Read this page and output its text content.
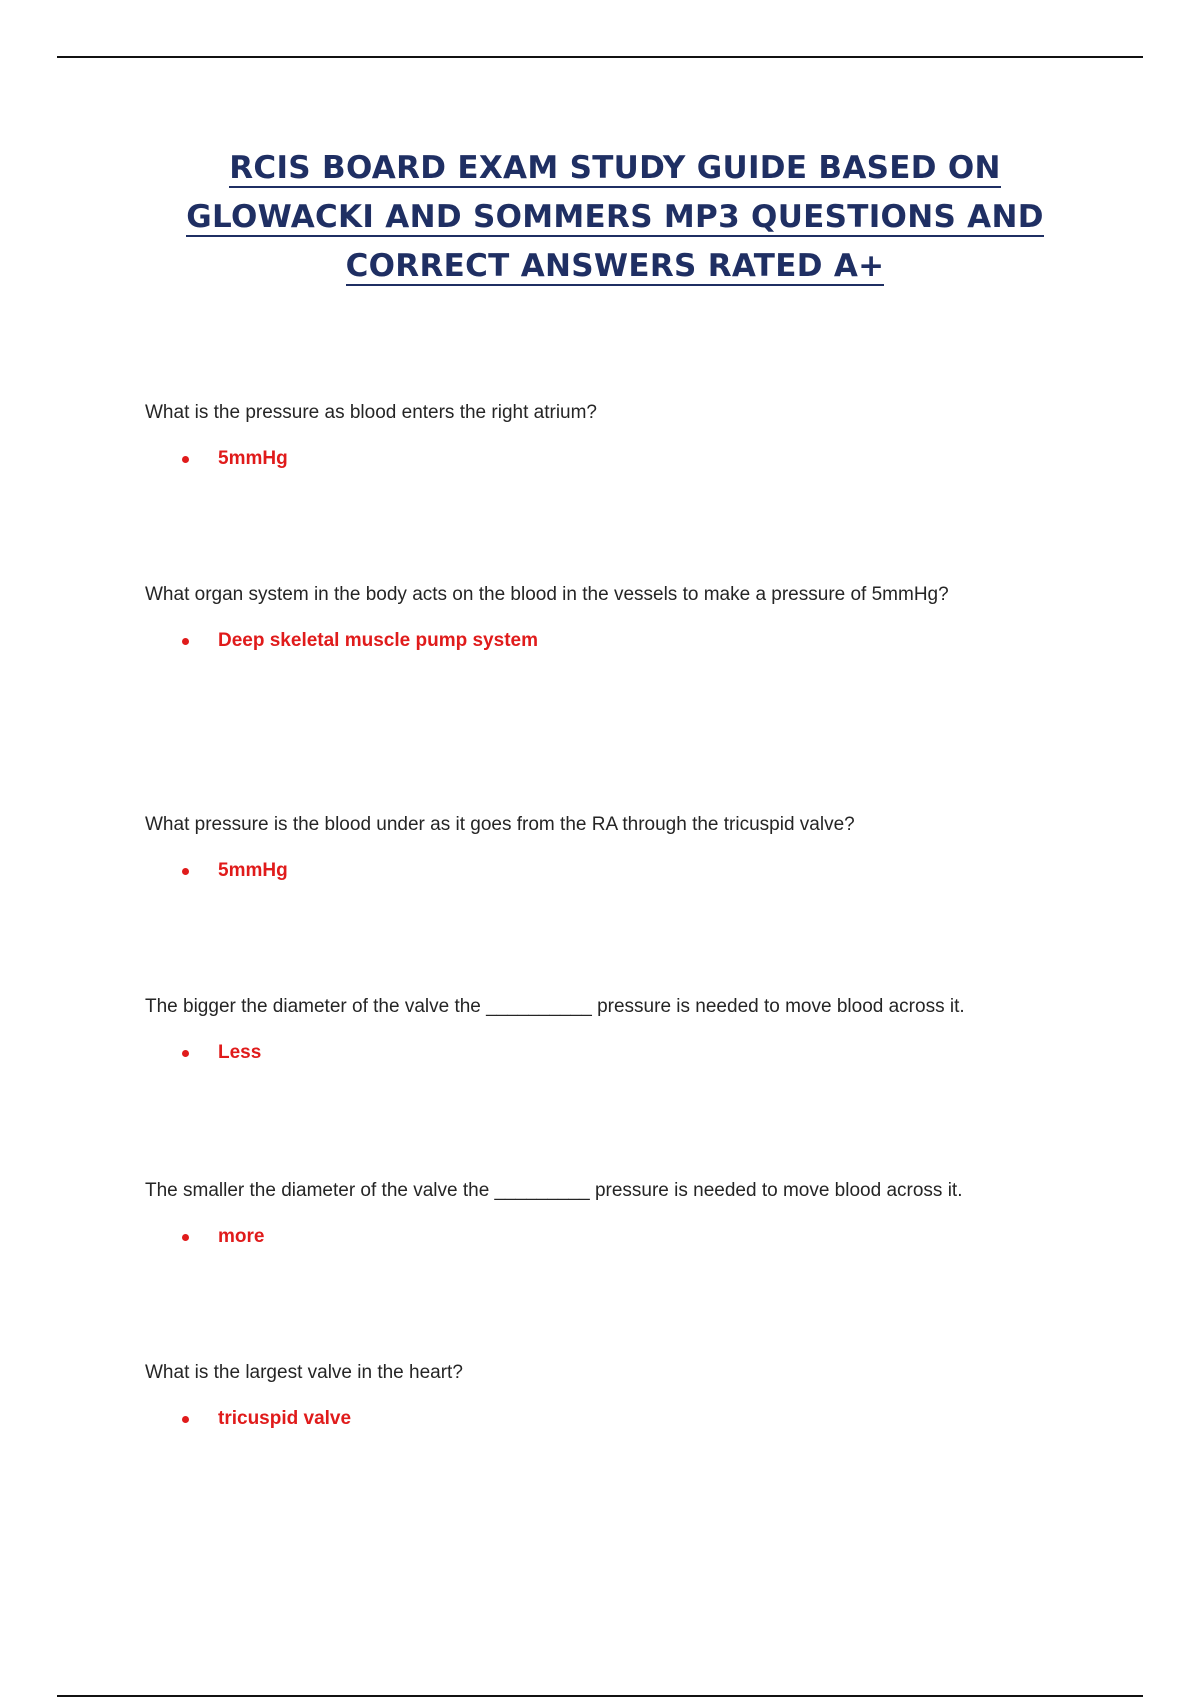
RCIS BOARD EXAM STUDY GUIDE BASED ON
GLOWACKI AND SOMMERS MP3 QUESTIONS AND
CORRECT ANSWERS RATED A+
What is the pressure as blood enters the right atrium?
5mmHg
What organ system in the body acts on the blood in the vessels to make a pressure of 5mmHg?
Deep skeletal muscle pump system
What pressure is the blood under as it goes from the RA through the tricuspid valve?
5mmHg
The bigger the diameter of the valve the __________ pressure is needed to move blood across it.
Less
The smaller the diameter of the valve the _________ pressure is needed to move blood across it.
more
What is the largest valve in the heart?
tricuspid valve
